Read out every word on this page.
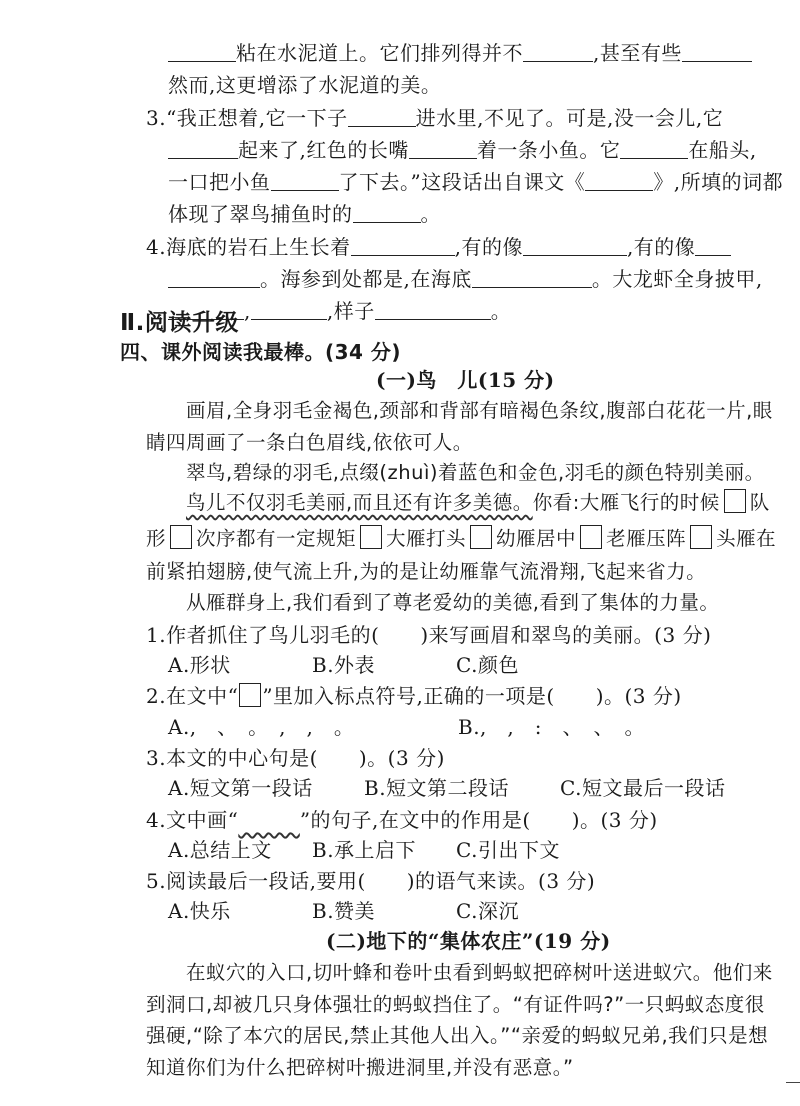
粘在水泥道上。它们排列得并不	,甚至有些
然而,这更增添了水泥道的美。
3.“我正想着,它一下子	进水里,不见了。可是,没一会儿,它
起来了,红色的长嘴	着一条小鱼。它	在船头,
一口把小鱼	了下去。”这段话出自课文《	》,所填的词都
体现了翠鸟捕鱼时的	。
4.海底的岩石上生长着	,有的像	,有的像
。海参到处都是,在海底	。大龙虾全身披甲,
,	,样子	。
Ⅱ.阅读升级
四、课外阅读我最棒。(34 分)
(一)鸟　儿(15 分)
画眉,全身羽毛金褐色,颈部和背部有暗褐色条纹,腹部白花花一片,眼
睛四周画了一条白色眉线,依依可人。
翠鸟,碧绿的羽毛,点缀(zhuì)着蓝色和金色,羽毛的颜色特别美丽。
鸟儿不仅羽毛美丽,而且还有许多美德。你看:大雁飞行的时候 队
形 次序都有一定规矩 大雁打头 幼雁居中 老雁压阵 头雁在
前紧拍翅膀,使气流上升,为的是让幼雁靠气流滑翔,飞起来省力。
从雁群身上,我们看到了尊老爱幼的美德,看到了集体的力量。
1.作者抓住了鸟儿羽毛的(　　)来写画眉和翠鸟的美丽。(3 分)
A.形状	B.外表	C.颜色
2.在文中“ ”里加入标点符号,正确的一项是(　　)。(3 分)
A.,　、　。　,　,　。	B.,　,　:　、　、　。
3.本文的中心句是(　　)。(3 分)
A.短文第一段话	B.短文第二段话	C.短文最后一段话
4.文中画“　　　	”的句子,在文中的作用是(　　)。(3 分)
A.总结上文 B.承上启下 C.引出下文
5.阅读最后一段话,要用(　　)的语气来读。(3 分)
A.快乐	B.赞美	C.深沉
(二)地下的“集体农庄”(19 分)
在蚁穴的入口,切叶蜂和卷叶虫看到蚂蚁把碎树叶送进蚁穴。他们来
到洞口,却被几只身体强壮的蚂蚁挡住了。“有证件吗?”一只蚂蚁态度很
强硬,“除了本穴的居民,禁止其他人出入。”“亲爱的蚂蚁兄弟,我们只是想
知道你们为什么把碎树叶搬进洞里,并没有恶意。”
